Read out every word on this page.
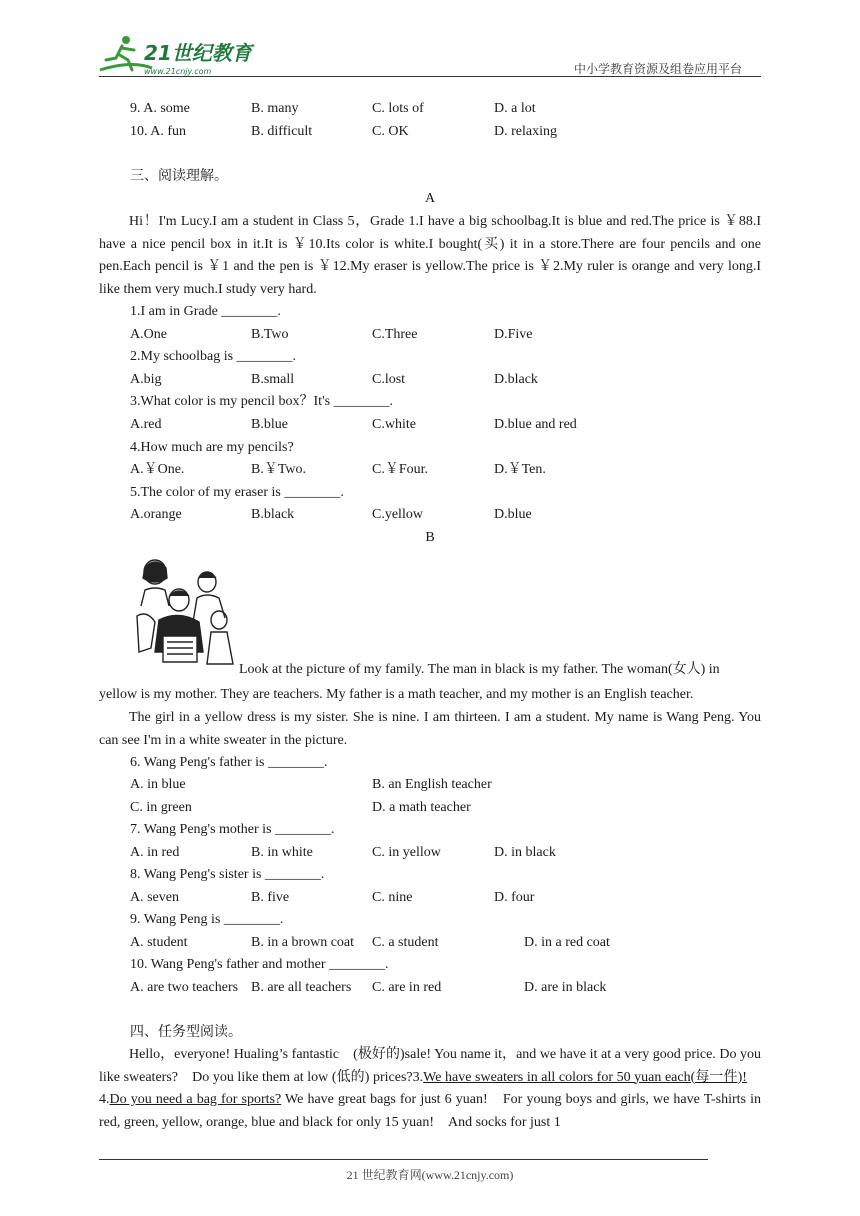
21世纪教育
www.21cnjy.com	中小学教育资源及组卷应用平台
9. A. some	B. many	C. lots of	D. a lot
10. A. fun	B. difficult	C. OK	D. relaxing
三、阅读理解。
A
Hi！I'm Lucy.I am a student in Class 5，Grade 1.I have a big schoolbag.It is blue and red.The price is ￥88.I have a nice pencil box in it.It is ￥10.Its color is white.I bought(买) it in a store.There are four pencils and one pen.Each pencil is ￥1 and the pen is ￥12.My eraser is yellow.The price is ￥2.My ruler is orange and very long.I like them very much.I study very hard.
1.I am in Grade ________.
A.One	B.Two	C.Three	D.Five
2.My schoolbag is ________.
A.big	B.small	C.lost	D.black
3.What color is my pencil box？It's ________.
A.red	B.blue	C.white	D.blue and red
4.How much are my pencils?
A.￥One.	B.￥Two.	C.￥Four.	D.￥Ten.
5.The color of my eraser is ________.
A.orange	B.black	C.yellow	D.blue
B
Look at the picture of my family. The man in black is my father. The woman(女人) in
yellow is my mother. They are teachers. My father is a math teacher, and my mother is an English teacher.
The girl in a yellow dress is my sister. She is nine. I am thirteen. I am a student. My name is Wang Peng. You can see I'm in a white sweater in the picture.
6. Wang Peng's father is ________.
A. in blue	B. an English teacher
C. in green	D. a math teacher
7. Wang Peng's mother is ________.
A. in red	B. in white	C. in yellow	D. in black
8. Wang Peng's sister is ________.
A. seven	B. five	C. nine	D. four
9. Wang Peng is ________.
A. student	B. in a brown coat C. a student	D. in a red coat
10. Wang Peng's father and mother ________.
A. are two teachers B. are all teachers C. are in red	D. are in black
四、任务型阅读。
Hello，everyone! Hualing’s fantastic　(极好的)sale! You name it，and we have it at a very good price. Do you like sweaters?　Do you like them at low (低的) prices?3.We have sweaters in all colors for 50 yuan each(每一件)!　4.Do you need a bag for sports? We have great bags for just 6 yuan!　For young boys and girls, we have T-shirts in red, green, yellow, orange, blue and black for only 15 yuan!　And socks for just 1
21 世纪教育网(www.21cnjy.com)
